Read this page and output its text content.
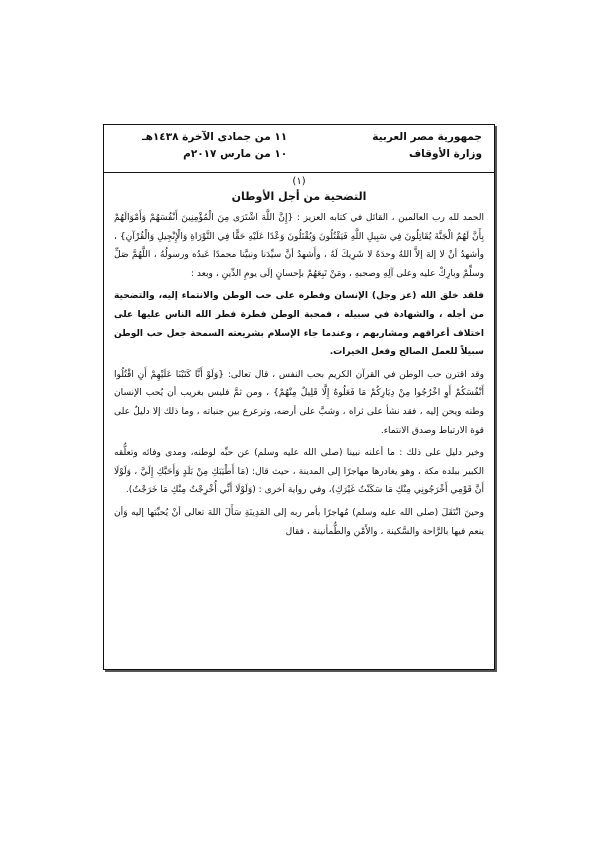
جمهورية مصر العربية
وزارة الأوقاف
١١ من جمادى الآخرة ١٤٣٨هـ
١٠ من مارس ٢٠١٧م
(١)
التضحية من أجل الأوطان

الحمد لله رب العالمين ، القائل في كتابه العزيز : {إِنَّ اللَّهَ اشْتَرَى مِنَ الْمُؤْمِنِينَ أَنْفُسَهُمْ وَأَمْوَالَهُمْ بِأَنَّ لَهُمُ الْجَنَّةَ يُقَاتِلُونَ فِي سَبِيلِ اللَّهِ فَيَقْتُلُونَ وَيُقْتَلُونَ وَعْدًا عَلَيْهِ حَقًّا فِي التَّوْرَاةِ وَالْإِنْجِيلِ وَالْقُرْآنِ} ، وأشهدُ أنْ لا إلهَ إلاَّ اللهُ وحدَهُ لا شَرِيكَ لَهُ ، وأَشهدُ أنَّ سيِّدَنا ونبيَّنا محمدًا عَبدُه ورسولُهُ ، اللَّهُمَّ صَلِّ وسلِّمْ وبارِكْ عليه وعلى آلِهِ وصحبهِ ، ومَنْ تَبِعَهُمْ بإحسانٍ إلَى يومِ الدِّينِ ، وبعد :

فلقد خلق الله (عز وجل) الإنسان وفطره على حب الوطن والانتماء إليه، والتضحية من أجله ، والشهادة في سبيله ، فمحبة الوطن فطرة فطر الله الناس عليها على اختلاف أعراقهم ومشاربهم ، وعندما جاء الإسلام بشريعته السمحة جعل حب الوطن سبيلاً للعمل الصالح وفعل الخيرات.

وقد اقترن حب الوطن في القرآن الكريم بحب النفس ، قال تعالى: {وَلَوْ أَنَّا كَتَبْنَا عَلَيْهِمْ أَنِ اقْتُلُوا أَنْفُسَكُمْ أَوِ اخْرُجُوا مِنْ دِيَارِكُمْ مَا فَعَلُوهُ إِلَّا قَلِيلٌ مِنْهُمْ} ، ومن ثمَّ فليس بغريب أن يُحب الإنسان وطنه ويحن إليه ، فقد نشأ على ثراه ، وشبَّ على أرضه، وترعرع بين جنباته ، وما ذلك إلا دليلٌ على قوة الارتباط وصدق الانتماء.

وخير دليل على ذلك : ما أعلنه نبينا (صلى الله عليه وسلم) عن حبِّه لوطنه، ومدى وفائه وتعلُّقه الكبير ببلده مكة ، وهو يغادرها مهاجرًا إلى المدينة ، حيث قال: (مَا أَطْيَبَكِ مِنْ بَلَدٍ وَأَحَبَّكِ إِلَيَّ ، وَلَوْلَا أَنَّ قَوْمِي أَخْرَجُونِي مِنْكِ مَا سَكَنْتُ غَيْرَكِ)، وفي رواية أخرى : (وَلَوْلَا أَنِّي أُخْرِجْتُ مِنْكِ مَا خَرَجْتُ).

وحينَ انْتَقَلَ (صلى الله عليه وسلم) مُهاجرًا بأمر ربه إلى المَدِينَةِ سَأَلَ اللهَ تعالى أنْ يُحبِّبَها إليه وَأن ينعم فيها بالرَّاحة والسَّكينة ، والأَمْن والطُّمأنينة ، فقال
